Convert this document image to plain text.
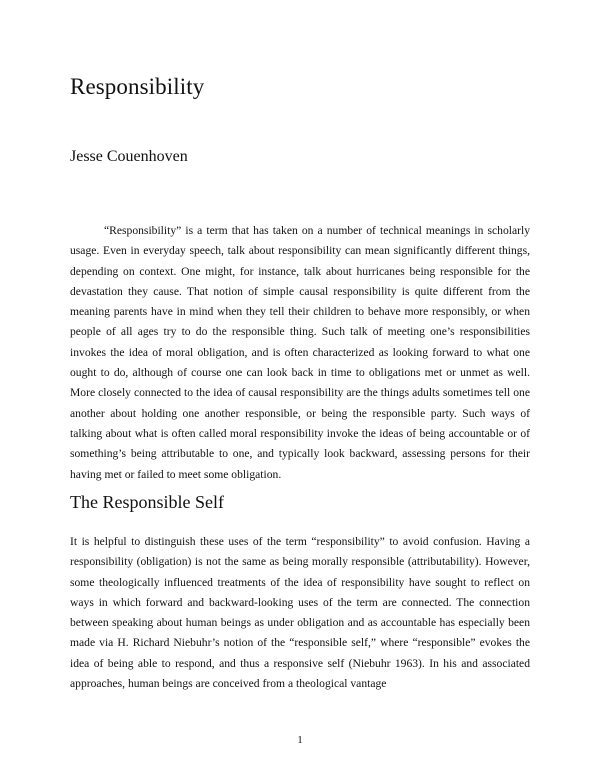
Responsibility
Jesse Couenhoven

“Responsibility” is a term that has taken on a number of technical meanings in scholarly usage. Even in everyday speech, talk about responsibility can mean significantly different things, depending on context. One might, for instance, talk about hurricanes being responsible for the devastation they cause. That notion of simple causal responsibility is quite different from the meaning parents have in mind when they tell their children to behave more responsibly, or when people of all ages try to do the responsible thing. Such talk of meeting one’s responsibilities invokes the idea of moral obligation, and is often characterized as looking forward to what one ought to do, although of course one can look back in time to obligations met or unmet as well. More closely connected to the idea of causal responsibility are the things adults sometimes tell one another about holding one another responsible, or being the responsible party. Such ways of talking about what is often called moral responsibility invoke the ideas of being accountable or of something’s being attributable to one, and typically look backward, assessing persons for their having met or failed to meet some obligation.

The Responsible Self

It is helpful to distinguish these uses of the term “responsibility” to avoid confusion. Having a responsibility (obligation) is not the same as being morally responsible (attributability). However, some theologically influenced treatments of the idea of responsibility have sought to reflect on ways in which forward and backward-looking uses of the term are connected. The connection between speaking about human beings as under obligation and as accountable has especially been made via H. Richard Niebuhr’s notion of the “responsible self,” where “responsible” evokes the idea of being able to respond, and thus a responsive self (Niebuhr 1963). In his and associated approaches, human beings are conceived from a theological vantage

1
